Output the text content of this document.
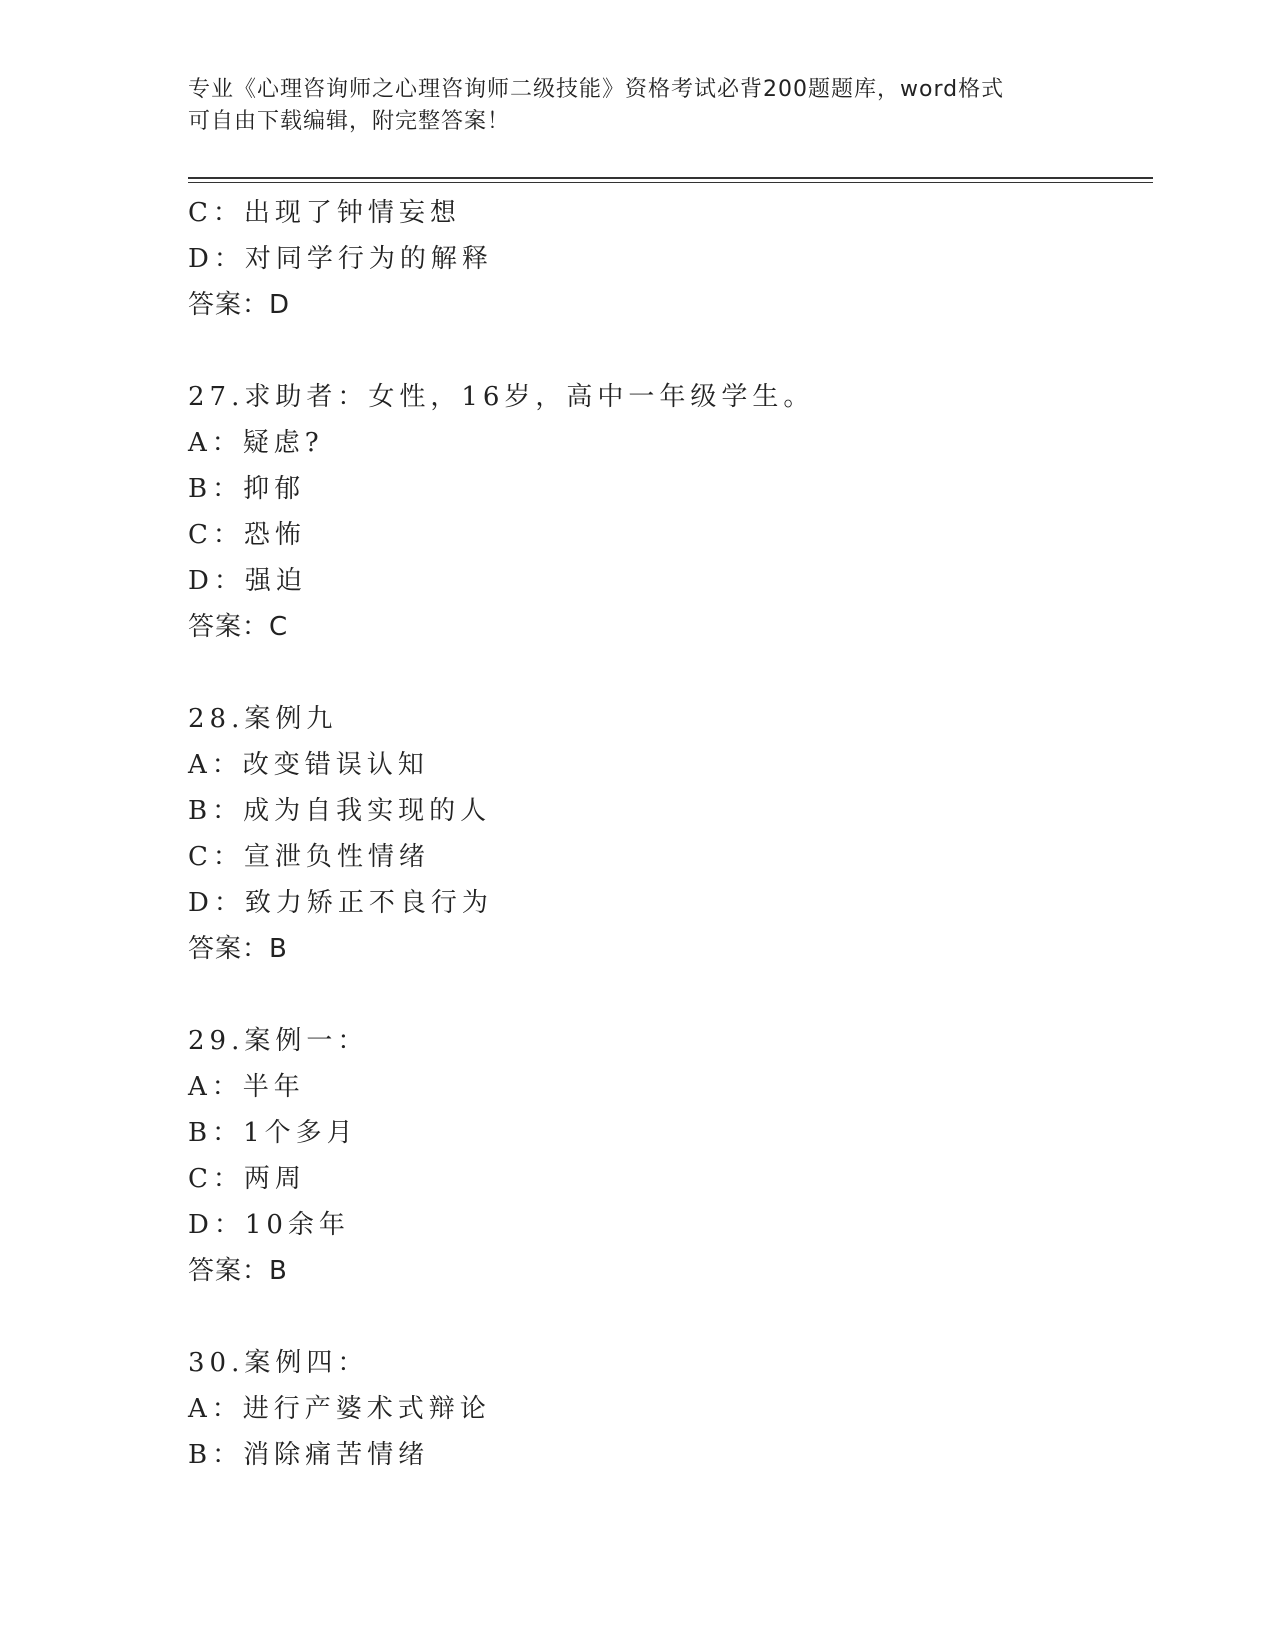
专业《心理咨询师之心理咨询师二级技能》资格考试必背200题题库，word格式
可自由下载编辑，附完整答案！
C：出现了钟情妄想
D：对同学行为的解释
答案：D
27.求助者：女性，16岁，高中一年级学生。
A：疑虑?
B：抑郁
C：恐怖
D：强迫
答案：C
28.案例九
A：改变错误认知
B：成为自我实现的人
C：宣泄负性情绪
D：致力矫正不良行为
答案：B
29.案例一：
A：半年
B：1个多月
C：两周
D：10余年
答案：B
30.案例四：
A：进行产婆术式辩论
B：消除痛苦情绪
